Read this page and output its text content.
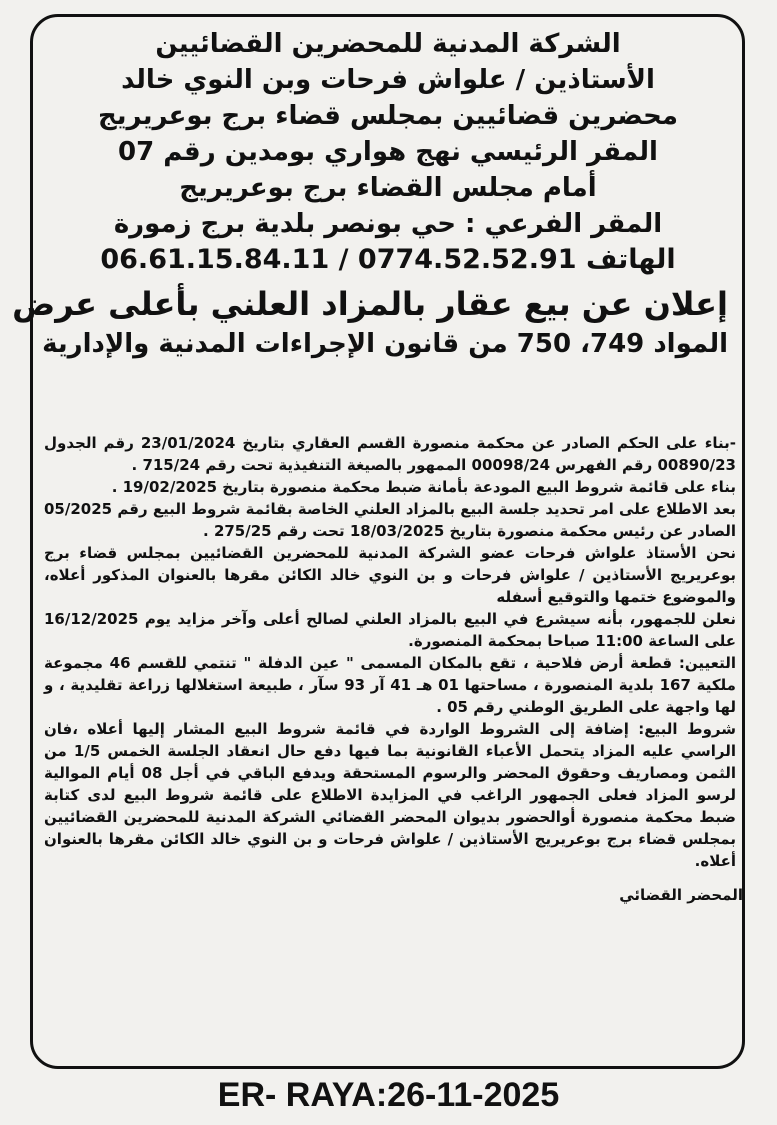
الشركة المدنية للمحضرين القضائيين
الأستاذين / علواش فرحات وبن النوي خالد
محضرين قضائيين بمجلس قضاء برج بوعريريج
المقر الرئيسي نهج هواري بومدين رقم 07
أمام مجلس القضاء برج بوعريريج
المقر الفرعي : حي بونصر بلدية برج زمورة
الهاتف 06.61.15.84.11 / 0774.52.52.91
إعلان عن بيع عقار بالمزاد العلني بأعلى عرض
المواد 749، 750 من قانون الإجراءات المدنية والإدارية

-بناء على الحكم الصادر عن محكمة منصورة القسم العقاري بتاريخ 23/01/2024 رقم الجدول 00890/23 رقم الفهرس 00098/24 الممهور بالصيغة التنفيذية تحت رقم 715/24 .

بناء على قائمة شروط البيع المودعة بأمانة ضبط محكمة منصورة بتاريخ 19/02/2025 .

بعد الاطلاع على امر تحديد جلسة البيع بالمزاد العلني الخاصة بقائمة شروط البيع رقم 05/2025 الصادر عن رئيس محكمة منصورة بتاريخ 18/03/2025 تحت رقم 275/25 .

نحن الأستاذ علواش فرحات عضو الشركة المدنية للمحضرين القضائيين بمجلس قضاء برج بوعريريج الأستاذين / علواش فرحات و بن النوي خالد الكائن مقرها بالعنوان المذكور أعلاه، والموضوع ختمها والتوقيع أسفله

نعلن للجمهور، بأنه سيشرع في البيع بالمزاد العلني لصالح أعلى وآخر مزايد يوم 16/12/2025 على الساعة 11:00 صباحا بمحكمة المنصورة.

التعيين: قطعة أرض فلاحية ، تقع بالمكان المسمى " عين الدفلة " تنتمي للقسم 46 مجموعة ملكية 167 بلدية المنصورة ، مساحتها 01 هـ 41 آر 93 سآر ، طبيعة استغلالها زراعة تقليدية ، و لها واجهة على الطريق الوطني رقم 05 .

شروط البيع: إضافة إلى الشروط الواردة في قائمة شروط البيع المشار إليها أعلاه ،فان الراسي عليه المزاد يتحمل الأعباء القانونية بما فيها دفع حال انعقاد الجلسة الخمس 1/5 من الثمن ومصاريف وحقوق المحضر والرسوم المستحقة ويدفع الباقي في أجل 08 أيام الموالية لرسو المزاد فعلى الجمهور الراغب في المزايدة الاطلاع على قائمة شروط البيع لدى كتابة ضبط محكمة منصورة أوالحضور بديوان المحضر القضائي الشركة المدنية للمحضرين القضائيين بمجلس قضاء برج بوعريريج الأستاذين / علواش فرحات و بن النوي خالد الكائن مقرها بالعنوان أعلاه.

المحضر القضائي
ER- RAYA:26-11-2025
